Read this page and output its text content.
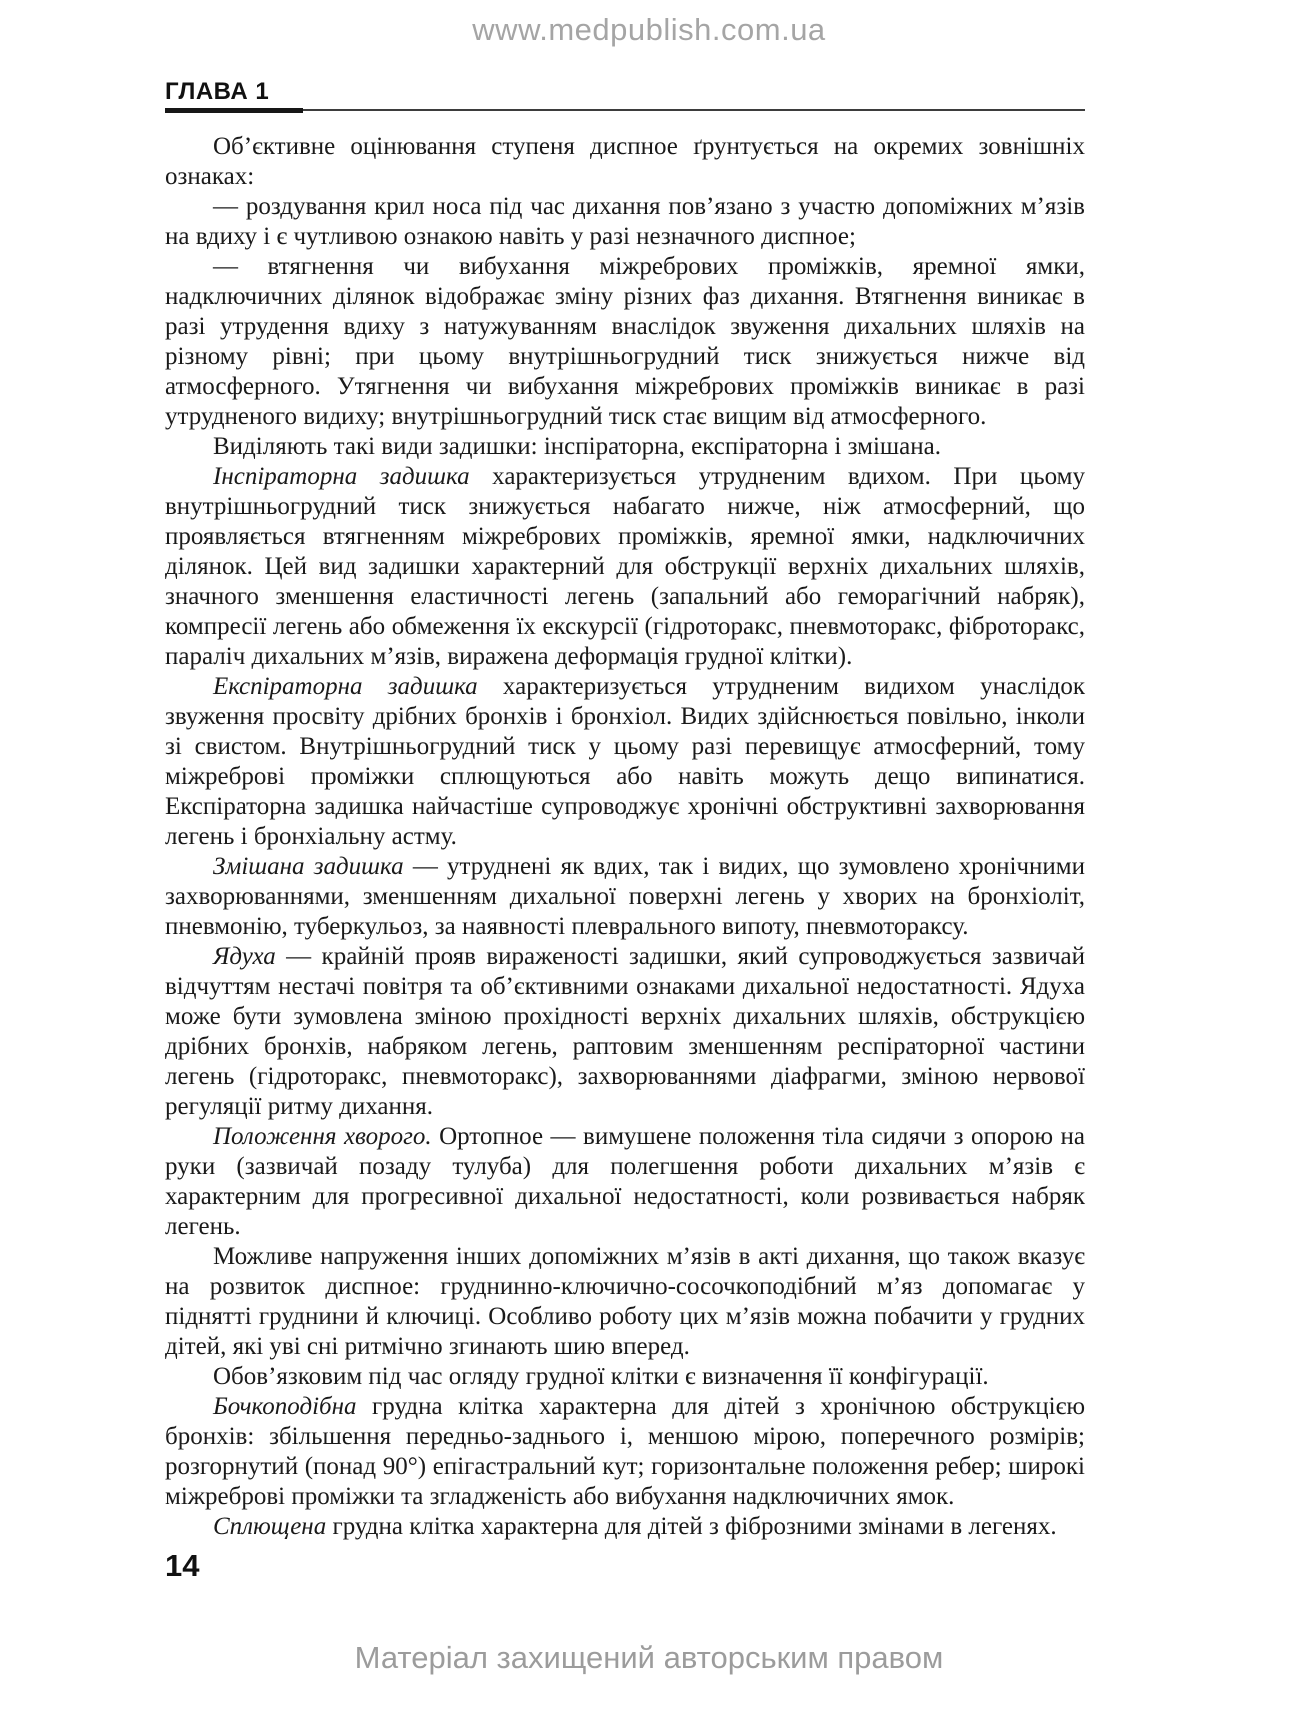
www.medpublish.com.ua
ГЛАВА 1

Об’єктивне оцінювання ступеня диспное ґрунтується на окремих зовнішніх ознаках:

— роздування крил носа під час дихання пов’язано з участю допоміжних м’язів на вдиху і є чутливою ознакою навіть у разі незначного диспное;

— втягнення чи вибухання міжребрових проміжків, яремної ямки, надключичних ділянок відображає зміну різних фаз дихання. Втягнення виникає в разі утрудення вдиху з натужуванням внаслідок звуження дихальних шляхів на різному рівні; при цьому внутрішньогрудний тиск знижується нижче від атмосферного. Утягнення чи вибухання міжребрових проміжків виникає в разі утрудненого видиху; внутрішньогрудний тиск стає вищим від атмосферного.

Виділяють такі види задишки: інспіраторна, експіраторна і змішана.

Інспіраторна задишка характеризується утрудненим вдихом. При цьому внутрішньогрудний тиск знижується набагато нижче, ніж атмосферний, що проявляється втягненням міжребрових проміжків, яремної ямки, надключичних ділянок. Цей вид задишки характерний для обструкції верхніх дихальних шляхів, значного зменшення еластичності легень (запальний або геморагічний набряк), компресії легень або обмеження їх екскурсії (гідроторакс, пневмоторакс, фіброторакс, параліч дихальних м’язів, виражена деформація грудної клітки).

Експіраторна задишка характеризується утрудненим видихом унаслідок звуження просвіту дрібних бронхів і бронхіол. Видих здійснюється повільно, інколи зі свистом. Внутрішньогрудний тиск у цьому разі перевищує атмосферний, тому міжреброві проміжки сплющуються або навіть можуть дещо випинатися. Експіраторна задишка найчастіше супроводжує хронічні обструктивні захворювання легень і бронхіальну астму.

Змішана задишка — утруднені як вдих, так і видих, що зумовлено хронічними захворюваннями, зменшенням дихальної поверхні легень у хворих на бронхіоліт, пневмонію, туберкульоз, за наявності плеврального випоту, пневмотораксу.

Ядуха — крайній прояв вираженості задишки, який супроводжується зазвичай відчуттям нестачі повітря та об’єктивними ознаками дихальної недостатності. Ядуха може бути зумовлена зміною прохідності верхніх дихальних шляхів, обструкцією дрібних бронхів, набряком легень, раптовим зменшенням респіраторної частини легень (гідроторакс, пневмоторакс), захворюваннями діафрагми, зміною нервової регуляції ритму дихання.

Положення хворого. Ортопное — вимушене положення тіла сидячи з опорою на руки (зазвичай позаду тулуба) для полегшення роботи дихальних м’язів є характерним для прогресивної дихальної недостатності, коли розвивається набряк легень.

Можливе напруження інших допоміжних м’язів в акті дихання, що також вказує на розвиток диспное: груднинно-ключично-сосочкоподібний м’яз допомагає у піднятті груднини й ключиці. Особливо роботу цих м’язів можна побачити у грудних дітей, які уві сні ритмічно згинають шию вперед.

Обов’язковим під час огляду грудної клітки є визначення її конфігурації.

Бочкоподібна грудна клітка характерна для дітей з хронічною обструкцією бронхів: збільшення передньо-заднього і, меншою мірою, поперечного розмірів; розгорнутий (понад 90°) епігастральний кут; горизонтальне положення ребер; широкі міжреброві проміжки та згладженість або вибухання надключичних ямок.

Сплющена грудна клітка характерна для дітей з фіброзними змінами в легенях.

14
Матеріал захищений авторським правом
